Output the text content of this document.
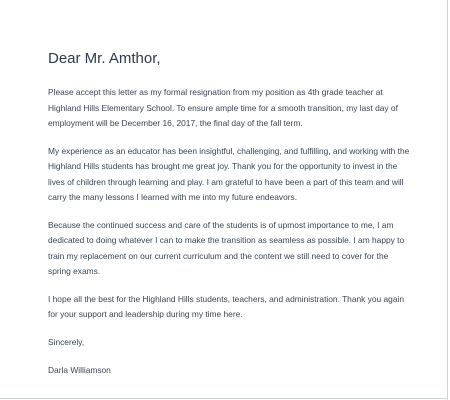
Dear Mr. Amthor,

Please accept this letter as my formal resignation from my position as 4th grade teacher at Highland Hills Elementary School. To ensure ample time for a smooth transition, my last day of employment will be December 16, 2017, the final day of the fall term.

My experience as an educator has been insightful, challenging, and fulfilling, and working with the Highland Hills students has brought me great joy. Thank you for the opportunity to invest in the lives of children through learning and play. I am grateful to have been a part of this team and will carry the many lessons I learned with me into my future endeavors.

Because the continued success and care of the students is of upmost importance to me, I am dedicated to doing whatever I can to make the transition as seamless as possible. I am happy to train my replacement on our current curriculum and the content we still need to cover for the spring exams.

I hope all the best for the Highland Hills students, teachers, and administration. Thank you again for your support and leadership during my time here.

Sincerely,

Darla Williamson
